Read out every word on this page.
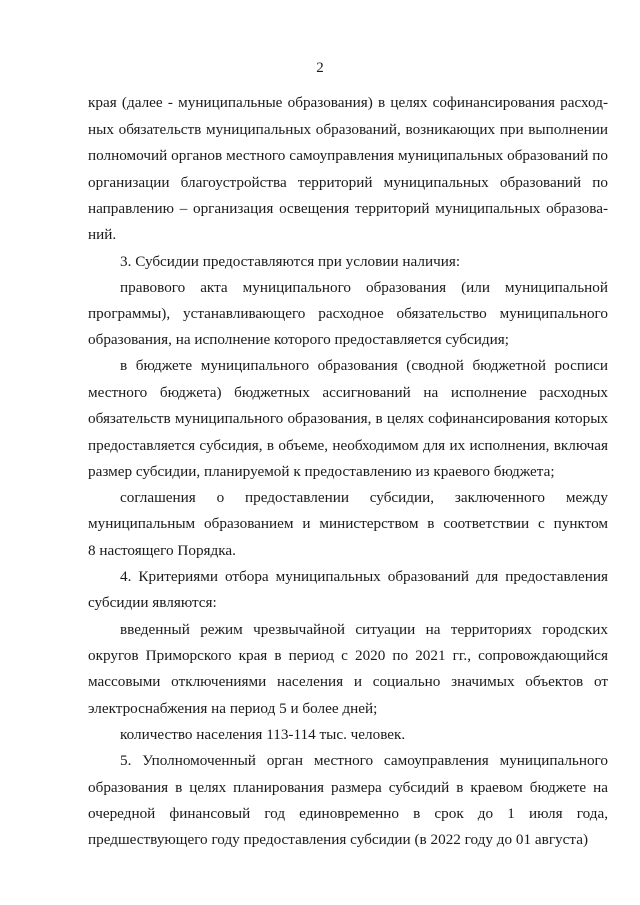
2
края (далее - муниципальные образования) в целях софинансирования расход-
ных обязательств муниципальных образований, возникающих при выполнении
полномочий органов местного самоуправления муниципальных образований по
организации благоустройства территорий муниципальных образований по
направлению – организация освещения территорий муниципальных образова-
ний.
3. Субсидии предоставляются при условии наличия:
правового акта муниципального образования (или муниципальной
программы), устанавливающего расходное обязательство муниципального
образования, на исполнение которого предоставляется субсидия;
в бюджете муниципального образования (сводной бюджетной росписи
местного бюджета) бюджетных ассигнований на исполнение расходных
обязательств муниципального образования, в целях софинансирования которых
предоставляется субсидия, в объеме, необходимом для их исполнения, включая
размер субсидии, планируемой к предоставлению из краевого бюджета;
соглашения о предоставлении субсидии, заключенного между
муниципальным образованием и министерством в соответствии с пунктом
8 настоящего Порядка.
4. Критериями отбора муниципальных образований для предоставления
субсидии являются:
введенный режим чрезвычайной ситуации на территориях городских
округов Приморского края в период с 2020 по 2021 гг., сопровождающийся
массовыми отключениями населения и социально значимых объектов от
электроснабжения на период 5 и более дней;
количество населения 113-114 тыс. человек.
5. Уполномоченный орган местного самоуправления муниципального
образования в целях планирования размера субсидий в краевом бюджете на
очередной финансовый год единовременно в срок до 1 июля года,
предшествующего году предоставления субсидии (в 2022 году до 01 августа)
